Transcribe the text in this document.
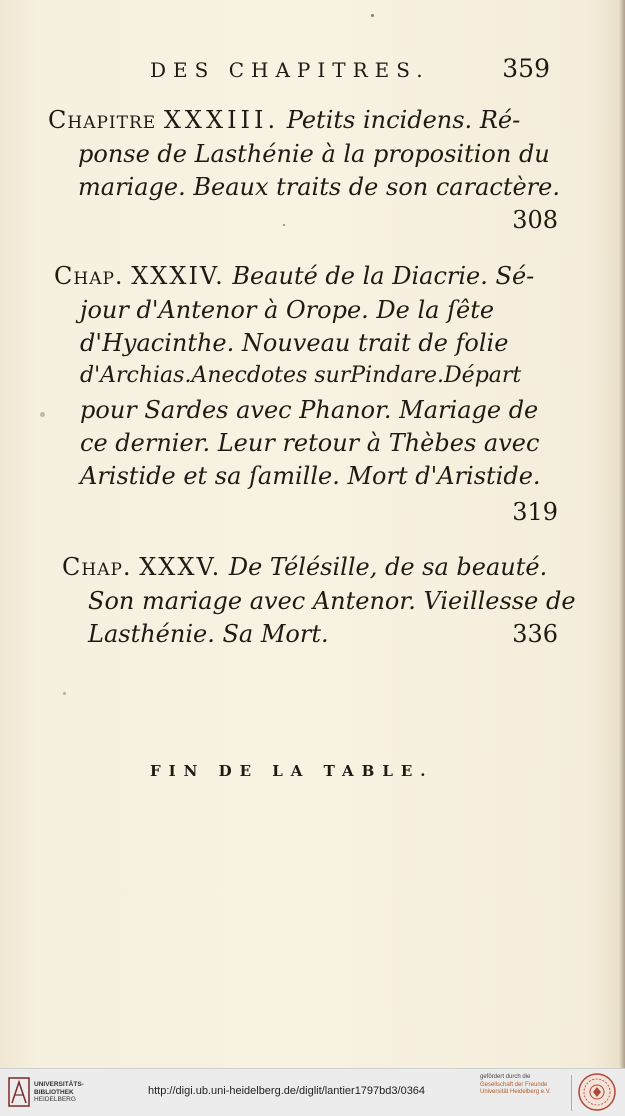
DES CHAPITRES.	359
Chapitre XXXIII. Petits incidens. Ré-
ponse de Lasthénie à la proposition du
mariage. Beaux traits de son caractère.
308
Chap. XXXIV. Beauté de la Diacrie. Sé-
jour d'Antenor à Orope. De la ſête
d'Hyacinthe. Nouveau trait de folie
d'Archias.Anecdotes surPindare.Départ
pour Sardes avec Phanor. Mariage de
ce dernier. Leur retour à Thèbes avec
Aristide et sa ſamille. Mort d'Aristide.
319
Chap. XXXV. De Télésille, de sa beauté.
Son mariage avec Antenor. Vieillesse de
Lasthénie. Sa Mort.	336
FIN DE LA TABLE.
UNIVERSITÄTS-
BIBLIOTHEK
HEIDELBERG
http://digi.ub.uni-heidelberg.de/diglit/lantier1797bd3/0364
gefördert durch die
Gesellschaft der Freunde
Universität Heidelberg e.V.
